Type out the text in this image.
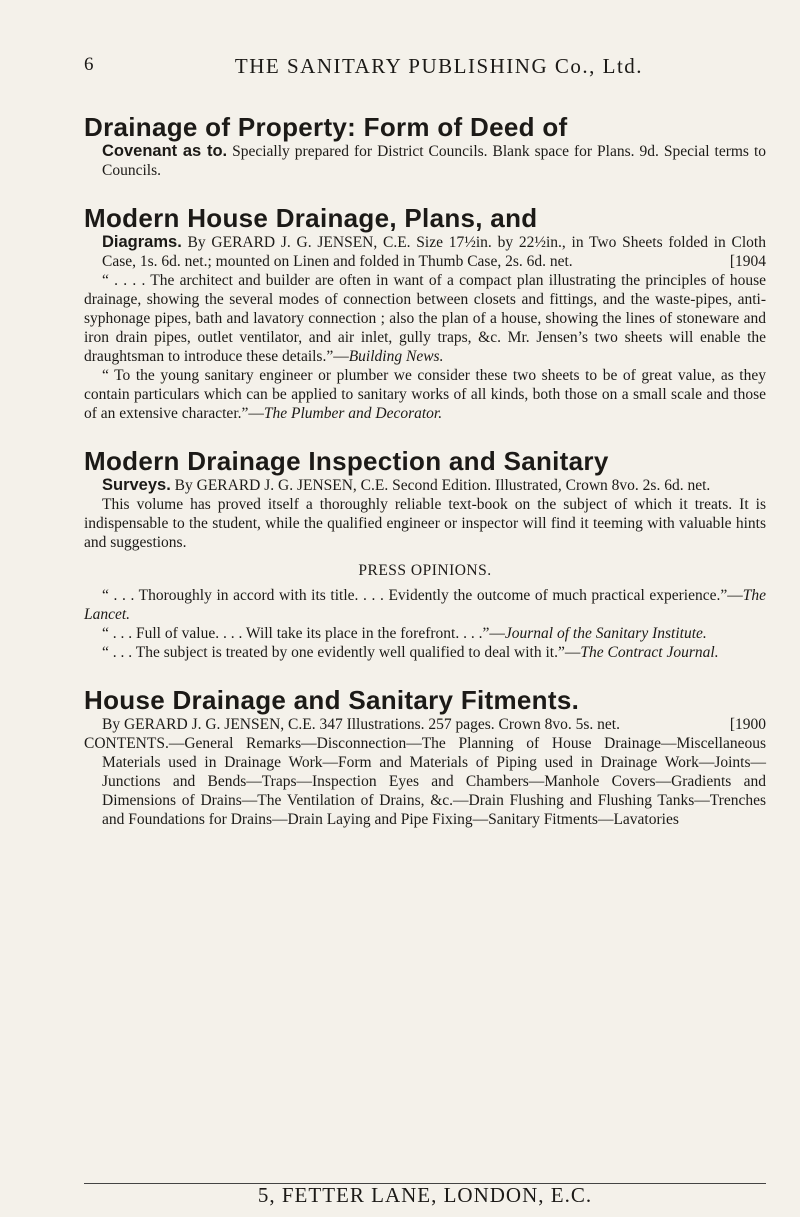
6	THE SANITARY PUBLISHING Co., Ltd.
Drainage of Property: Form of Deed of
Covenant as to. Specially prepared for District Councils. Blank space for Plans. 9d. Special terms to Councils.
Modern House Drainage, Plans, and
Diagrams. By GERARD J. G. JENSEN, C.E. Size 17½in. by 22½in., in Two Sheets folded in Cloth Case, 1s. 6d. net.; mounted on Linen and folded in Thumb Case, 2s. 6d. net.	[1904

“ . . . . The architect and builder are often in want of a compact plan illustrating the principles of house drainage, showing the several modes of connection between closets and fittings, and the waste-pipes, anti-syphonage pipes, bath and lavatory connection ; also the plan of a house, showing the lines of stoneware and iron drain pipes, outlet ventilator, and air inlet, gully traps, &c. Mr. Jensen’s two sheets will enable the draughtsman to introduce these details.”—Building News.

“ To the young sanitary engineer or plumber we consider these two sheets to be of great value, as they contain particulars which can be applied to sanitary works of all kinds, both those on a small scale and those of an extensive character.”—The Plumber and Decorator.

Modern Drainage Inspection and Sanitary
Surveys. By GERARD J. G. JENSEN, C.E. Second Edition. Illustrated, Crown 8vo. 2s. 6d. net.

This volume has proved itself a thoroughly reliable text-book on the subject of which it treats. It is indispensable to the student, while the qualified engineer or inspector will find it teeming with valuable hints and suggestions.

PRESS OPINIONS.

“ . . . Thoroughly in accord with its title. . . . Evidently the outcome of much practical experience.”—The Lancet.

“ . . . Full of value. . . . Will take its place in the forefront. . . .”—Journal of the Sanitary Institute.

“ . . . The subject is treated by one evidently well qualified to deal with it.”—The Contract Journal.

House Drainage and Sanitary Fitments.
By GERARD J. G. JENSEN, C.E. 347 Illustrations. 257 pages. Crown 8vo. 5s. net.	[1900
CONTENTS.—General Remarks—Disconnection—The Planning of House Drainage—Miscellaneous Materials used in Drainage Work—Form and Materials of Piping used in Drainage Work—Joints—Junctions and Bends—Traps—Inspection Eyes and Chambers—Manhole Covers—Gradients and Dimensions of Drains—The Ventilation of Drains, &c.—Drain Flushing and Flushing Tanks—Trenches and Foundations for Drains—Drain Laying and Pipe Fixing—Sanitary Fitments—Lavatories
5, FETTER LANE, LONDON, E.C.
